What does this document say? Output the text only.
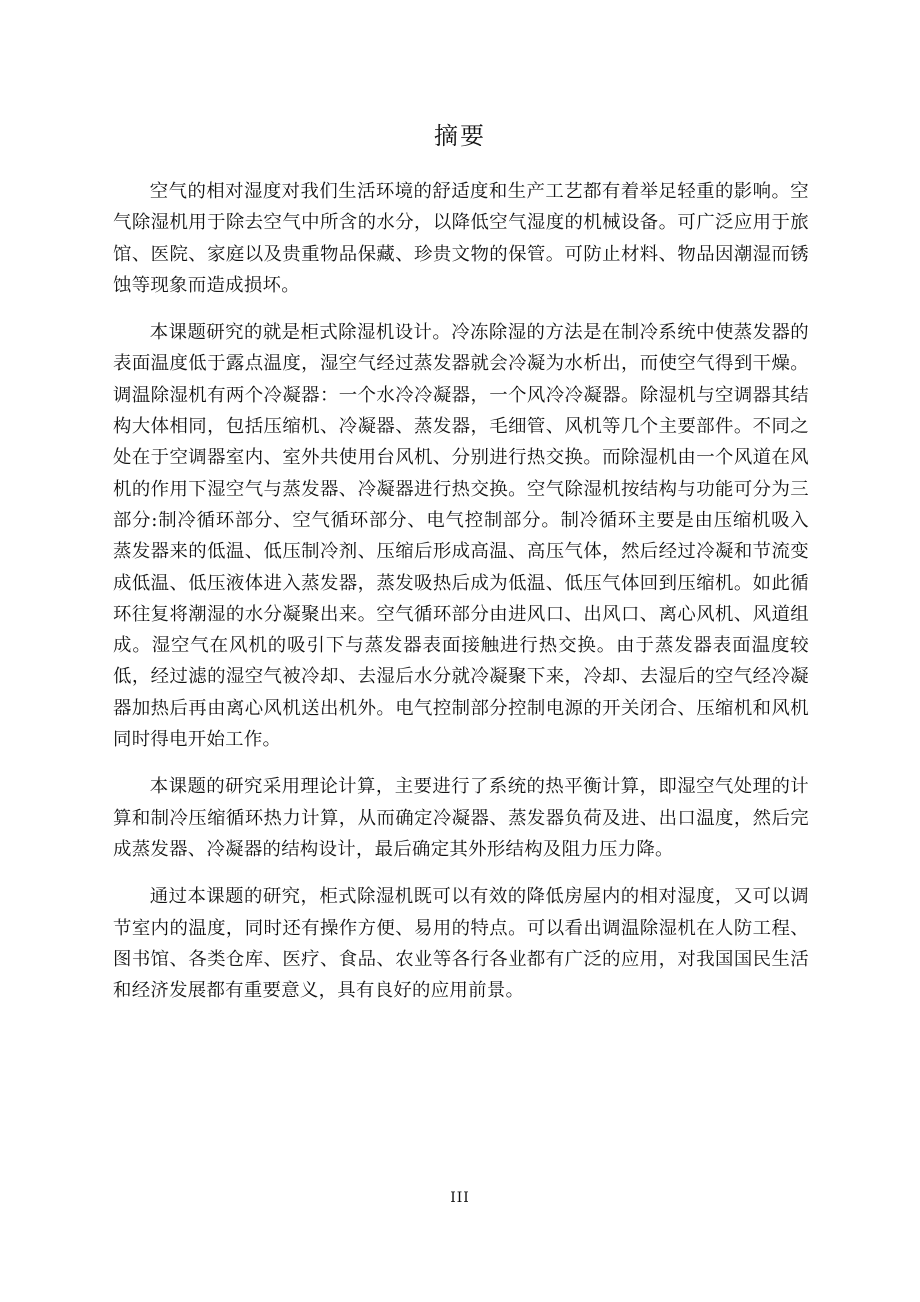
摘要

空气的相对湿度对我们生活环境的舒适度和生产工艺都有着举足轻重的影响。空气除湿机用于除去空气中所含的水分，以降低空气湿度的机械设备。可广泛应用于旅馆、医院、家庭以及贵重物品保藏、珍贵文物的保管。可防止材料、物品因潮湿而锈蚀等现象而造成损坏。

本课题研究的就是柜式除湿机设计。冷冻除湿的方法是在制冷系统中使蒸发器的表面温度低于露点温度，湿空气经过蒸发器就会冷凝为水析出，而使空气得到干燥。调温除湿机有两个冷凝器：一个水冷冷凝器，一个风冷冷凝器。除湿机与空调器其结构大体相同，包括压缩机、冷凝器、蒸发器，毛细管、风机等几个主要部件。不同之处在于空调器室内、室外共使用台风机、分别进行热交换。而除湿机由一个风道在风机的作用下湿空气与蒸发器、冷凝器进行热交换。空气除湿机按结构与功能可分为三部分:制冷循环部分、空气循环部分、电气控制部分。制冷循环主要是由压缩机吸入蒸发器来的低温、低压制冷剂、压缩后形成高温、高压气体，然后经过冷凝和节流变成低温、低压液体进入蒸发器，蒸发吸热后成为低温、低压气体回到压缩机。如此循环往复将潮湿的水分凝聚出来。空气循环部分由进风口、出风口、离心风机、风道组成。湿空气在风机的吸引下与蒸发器表面接触进行热交换。由于蒸发器表面温度较低，经过滤的湿空气被冷却、去湿后水分就冷凝聚下来，冷却、去湿后的空气经冷凝器加热后再由离心风机送出机外。电气控制部分控制电源的开关闭合、压缩机和风机同时得电开始工作。

本课题的研究采用理论计算，主要进行了系统的热平衡计算，即湿空气处理的计算和制冷压缩循环热力计算，从而确定冷凝器、蒸发器负荷及进、出口温度，然后完成蒸发器、冷凝器的结构设计，最后确定其外形结构及阻力压力降。

通过本课题的研究，柜式除湿机既可以有效的降低房屋内的相对湿度，又可以调节室内的温度，同时还有操作方便、易用的特点。可以看出调温除湿机在人防工程、图书馆、各类仓库、医疗、食品、农业等各行各业都有广泛的应用，对我国国民生活和经济发展都有重要意义，具有良好的应用前景。

III
